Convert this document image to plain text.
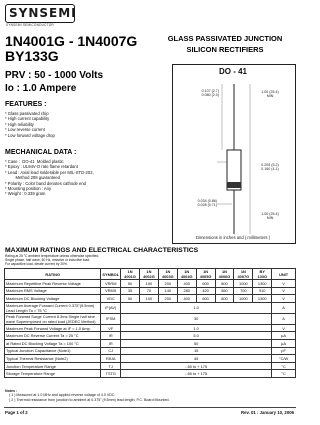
SYNSEMI
SYNSEMI SEMICONDUCTOR
1N4001G - 1N4007G
BY133G
GLASS PASSIVATED JUNCTION
SILICON RECTIFIERS
PRV : 50 - 1000 Volts
Io : 1.0 Ampere
FEATURES :
* Glass passivated chip
* High current capability
* High reliability
* Low reverse current
* Low forward voltage drop
MECHANICAL DATA :
* Case :  DO-41  Molded plastic
* Epoxy : UL94V-O rate flame retardant
* Lead : Axial lead solderable per MIL-STD-202,
Method 208 guaranteed
* Polarity : Color band denotes cathode end
* Mounting position : Any
* Weight : 0.339 gram
DO - 41
0.107 (2.7)
0.080 (2.0)
1.00 (25.4)
MIN
0.205 (5.2)
0.160 (4.1)
0.034 (0.86)
0.028 (0.71)
1.00 (25.4)
MIN
Dimensions in inches and ( millimeters )
MAXIMUM RATINGS AND ELECTRICAL CHARACTERISTICS
Rating at 25 °C ambient temperature unless otherwise specified.
Single phase, half wave, 60 Hz, resistive or inductive load.
For capacitive load, derate current by 20%.
RATING	SYMBOL	1N 4001G	1N 4002G	1N 4003G	1N 4004G	1N 4005G	1N 4006G	1N 4007G	BY 133G	UNIT
Maximum Repetitive Peak Reverse Voltage	VRRM	50	100	200	400	600	800	1000	1300	V
Maximum RMS Voltage	VRMS	35	70	140	280	420	560	700	910	V
Maximum DC Blocking Voltage	VDC	50	100	200	400	600	800	1000	1300	V
Maximum Average Forward Current 0.375"(9.5mm) Lead Length Ta = 75 °C	IF(AV)	1.0								A
Peak Forward Surge Current 8.3ms Single half sine wave Superimposed on rated load (JEDEC Method)	IFSM	30								A
Maximum Peak Forward Voltage at IF = 1.0 Amp.	VF	1.0								V
Maximum DC Reverse Current Ta = 25 °C	IR	5.0								μA
at Rated DC Blocking Voltage Ta = 100 °C	IR	50								μA
Typical Junction Capacitance (Note1)	CJ	15								pF
Typical Thermal Resistance (Note2)	RθJA	45								°C/W
Junction Temperature Range	TJ	- 65 to + 175								°C
Storage Temperature Range	TSTG	- 65 to + 175								°C
Notes :
( 1 ) Measured at 1.0 MHz and applied reverse voltage of 4.0 VDC.
( 2 ) Thermal resistance from junction to ambient at 0.375" (9.5mm) lead length, P.C. Board Mounted.
Page 1 of 2	Rev. 01 : January 10, 2006
